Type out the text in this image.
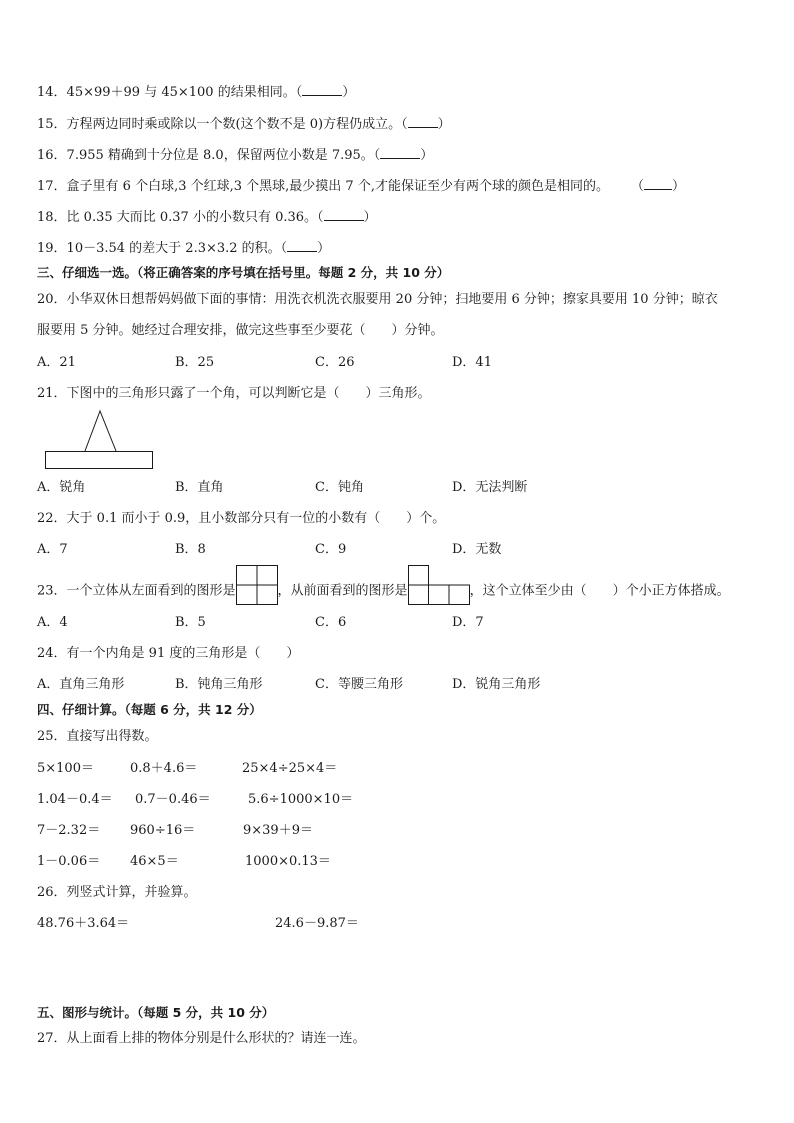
14．45×99＋99 与 45×100 的结果相同。（	）
15．方程两边同时乘或除以一个数(这个数不是 0)方程仍成立。（ ）
16．7.955 精确到十分位是 8.0，保留两位小数是 7.95。（	）
17．盒子里有 6 个白球,3 个红球,3 个黑球,最少摸出 7 个,才能保证至少有两个球的颜色是相同的。 （ ）
18．比 0.35 大而比 0.37 小的小数只有 0.36。（	）
19．10－3.54 的差大于 2.3×3.2 的积。（ ）
三、仔细选一选。（将正确答案的序号填在括号里。每题 2 分，共 10 分）
20．小华双休日想帮妈妈做下面的事情：用洗衣机洗衣服要用 20 分钟；扫地要用 6 分钟；擦家具要用 10 分钟；晾衣
服要用 5 分钟。她经过合理安排，做完这些事至少要花（　　）分钟。
A．21	B．25	C．26	D．41
21．下图中的三角形只露了一个角，可以判断它是（　　）三角形。
A．锐角	B．直角	C．钝角	D．无法判断
22．大于 0.1 而小于 0.9，且小数部分只有一位的小数有（　　）个。
A．7	B．8	C．9	D．无数
23．一个立体从左面看到的图形是	，从前面看到的图形是	，这个立体至少由（　　）个小正方体搭成。
A．4	B．5	C．6	D．7
24．有一个内角是 91 度的三角形是（　　）
A．直角三角形	B．钝角三角形	C．等腰三角形	D．锐角三角形
四、仔细计算。（每题 6 分，共 12 分）
25．直接写出得数。
5×100＝	0.8＋4.6＝	25×4÷25×4＝
1.04－0.4＝ 0.7－0.46＝	5.6÷1000×10＝
7－2.32＝ 960÷16＝	9×39＋9＝
1－0.06＝ 46×5＝	1000×0.13＝
26．列竖式计算，并验算。
48.76＋3.64＝	24.6－9.87＝
五、图形与统计。（每题 5 分，共 10 分）
27．从上面看上排的物体分别是什么形状的？请连一连。
